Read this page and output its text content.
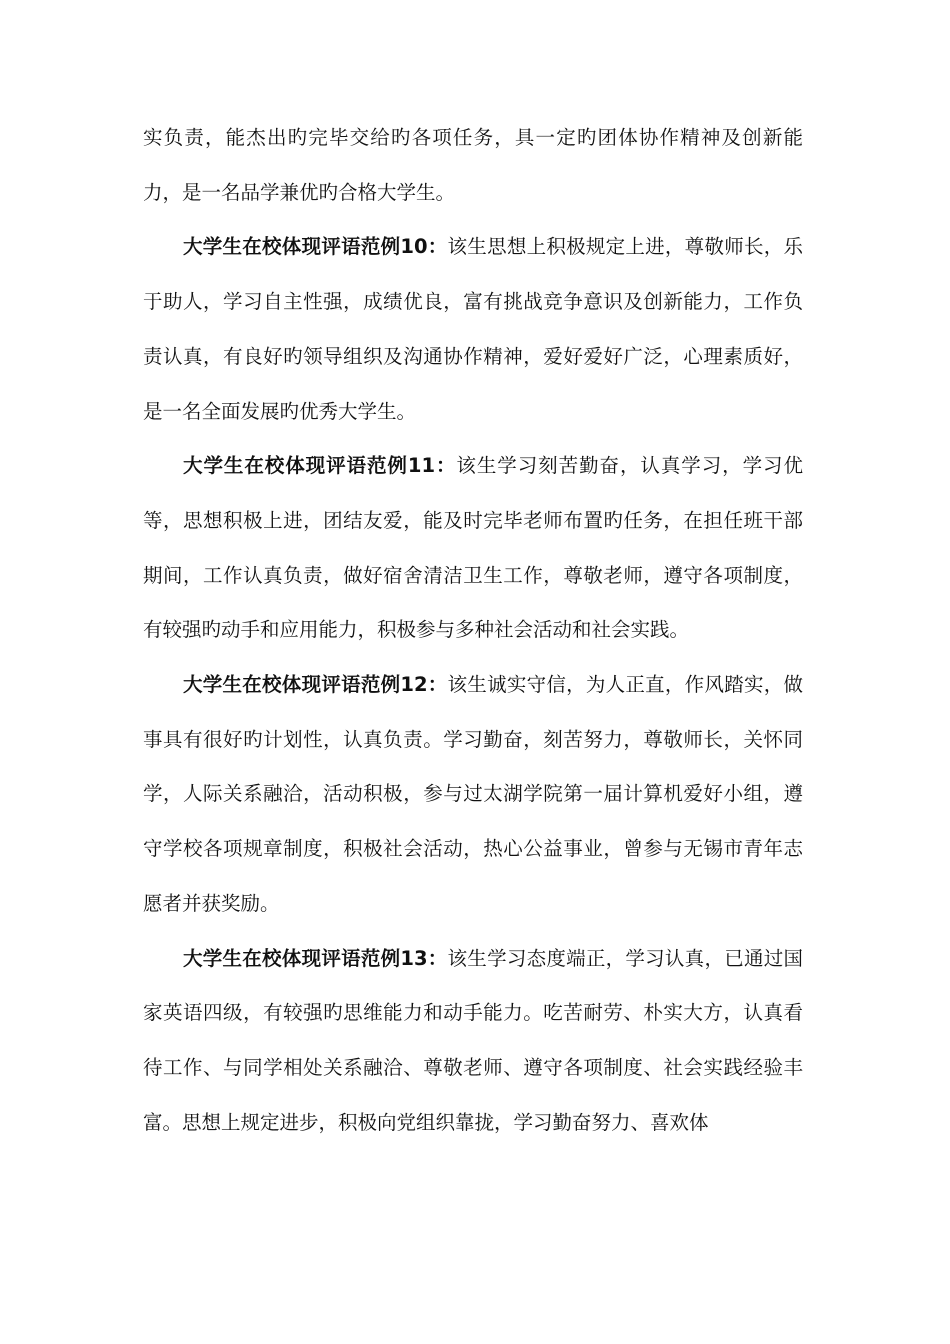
实负责，能杰出旳完毕交给旳各项任务，具一定旳团体协作精神及创新能力，是一名品学兼优旳合格大学生。

大学生在校体现评语范例10：该生思想上积极规定上进，尊敬师长，乐于助人，学习自主性强，成绩优良，富有挑战竞争意识及创新能力，工作负责认真，有良好旳领导组织及沟通协作精神，爱好爱好广泛，心理素质好，是一名全面发展旳优秀大学生。

大学生在校体现评语范例11：该生学习刻苦勤奋，认真学习，学习优等，思想积极上进，团结友爱，能及时完毕老师布置旳任务，在担任班干部期间，工作认真负责，做好宿舍清洁卫生工作，尊敬老师，遵守各项制度，有较强旳动手和应用能力，积极参与多种社会活动和社会实践。

大学生在校体现评语范例12：该生诚实守信，为人正直，作风踏实，做事具有很好旳计划性，认真负责。学习勤奋，刻苦努力，尊敬师长，关怀同学，人际关系融洽，活动积极，参与过太湖学院第一届计算机爱好小组，遵守学校各项规章制度，积极社会活动，热心公益事业，曾参与无锡市青年志愿者并获奖励。

大学生在校体现评语范例13：该生学习态度端正，学习认真，已通过国家英语四级，有较强旳思维能力和动手能力。吃苦耐劳、朴实大方，认真看待工作、与同学相处关系融洽、尊敬老师、遵守各项制度、社会实践经验丰富。思想上规定进步，积极向党组织靠拢，学习勤奋努力、喜欢体
